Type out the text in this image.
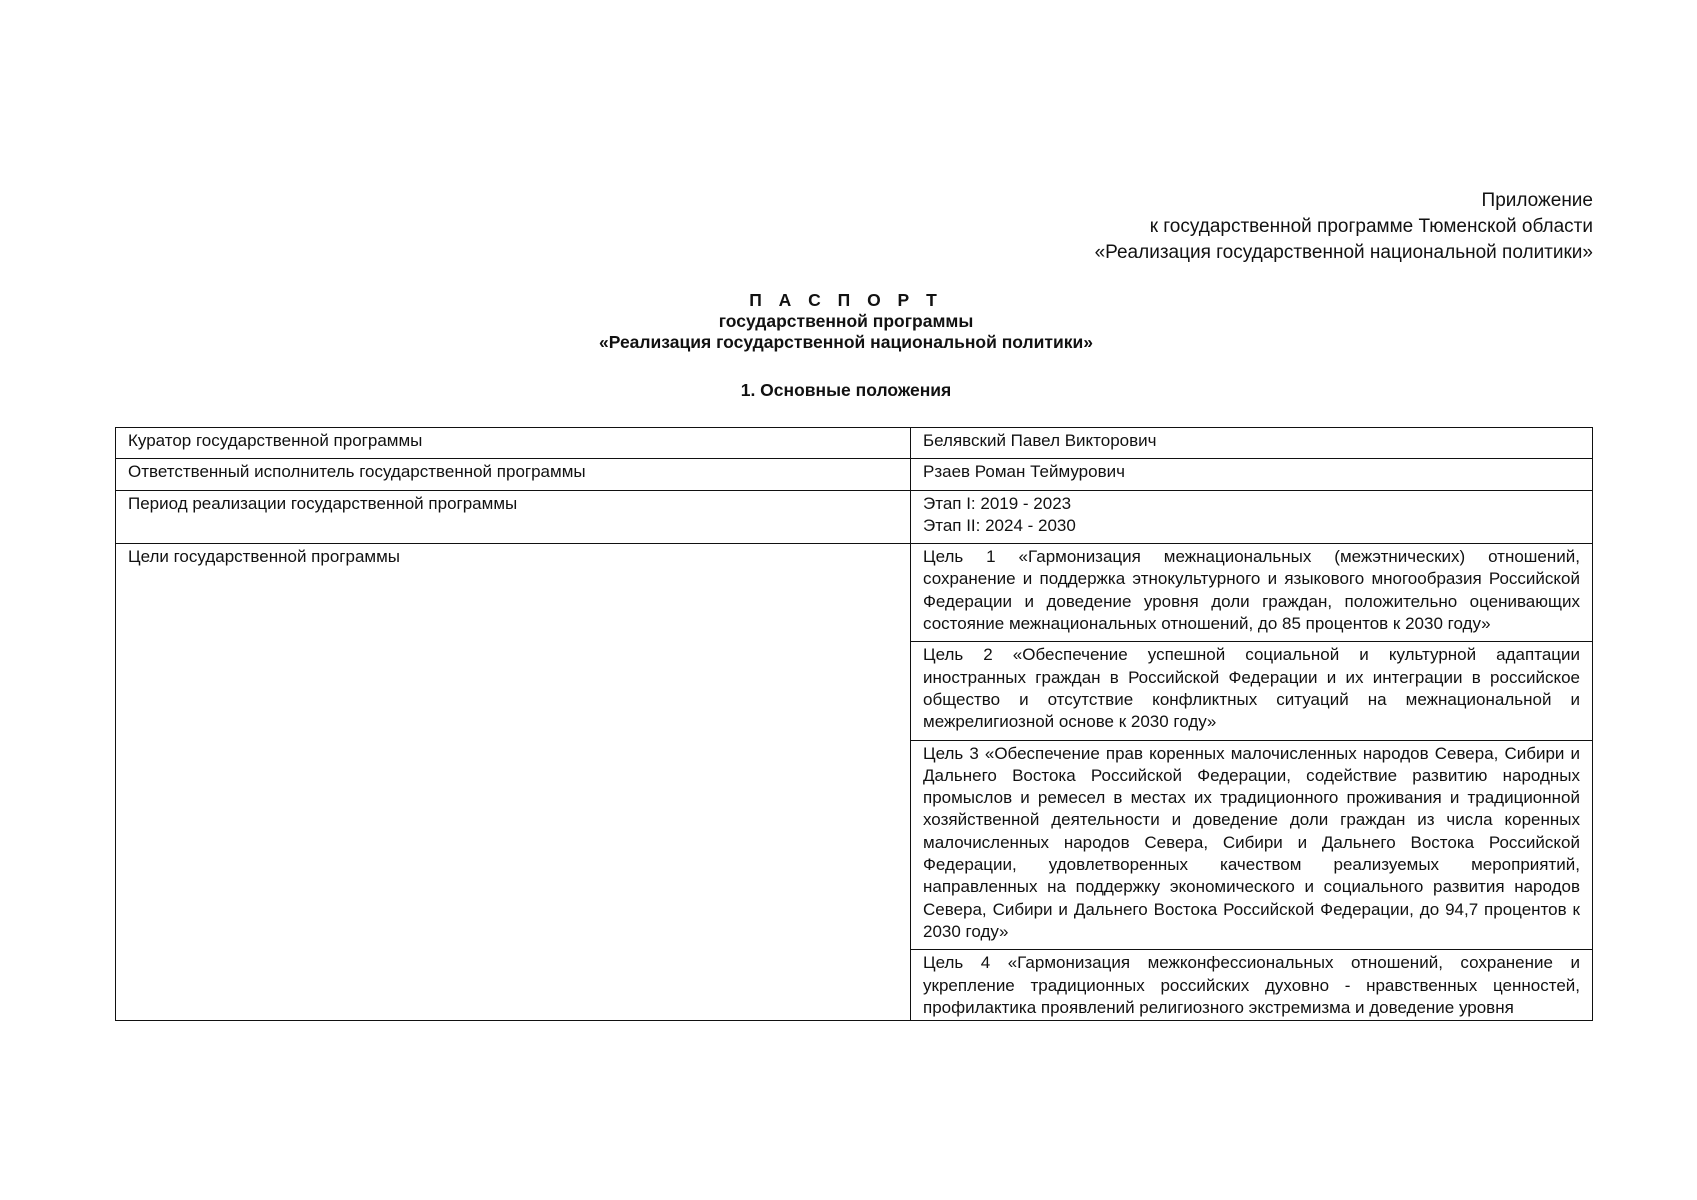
Приложение
к государственной программе Тюменской области
«Реализация государственной национальной политики»
П А С П О Р Т
государственной программы
«Реализация государственной национальной политики»
1. Основные положения
Куратор государственной программы	Белявский Павел Викторович
Ответственный исполнитель государственной программы	Рзаев Роман Теймурович
Период реализации государственной программы	Этап I: 2019 - 2023
Этап II: 2024 - 2030

Цели государственной программы	Цель 1 «Гармонизация межнациональных (межэтнических) отношений, сохранение и поддержка этнокультурного и языкового многообразия Российской Федерации и доведение уровня доли граждан, положительно оценивающих состояние межнациональных отношений, до 85 процентов к 2030 году»
	Цель 2 «Обеспечение успешной социальной и культурной адаптации иностранных граждан в Российской Федерации и их интеграции в российское общество и отсутствие конфликтных ситуаций на межнациональной и межрелигиозной основе к 2030 году»
	Цель 3 «Обеспечение прав коренных малочисленных народов Севера, Сибири и Дальнего Востока Российской Федерации, содействие развитию народных промыслов и ремесел в местах их традиционного проживания и традиционной хозяйственной деятельности и доведение доли граждан из числа коренных малочисленных народов Севера, Сибири и Дальнего Востока Российской Федерации, удовлетворенных качеством реализуемых мероприятий, направленных на поддержку экономического и социального развития народов Севера, Сибири и Дальнего Востока Российской Федерации, до 94,7 процентов к 2030 году»

	Цель 4 «Гармонизация межконфессиональных отношений, сохранение и укрепление традиционных российских духовно - нравственных ценностей, профилактика проявлений религиозного экстремизма и доведение уровня
